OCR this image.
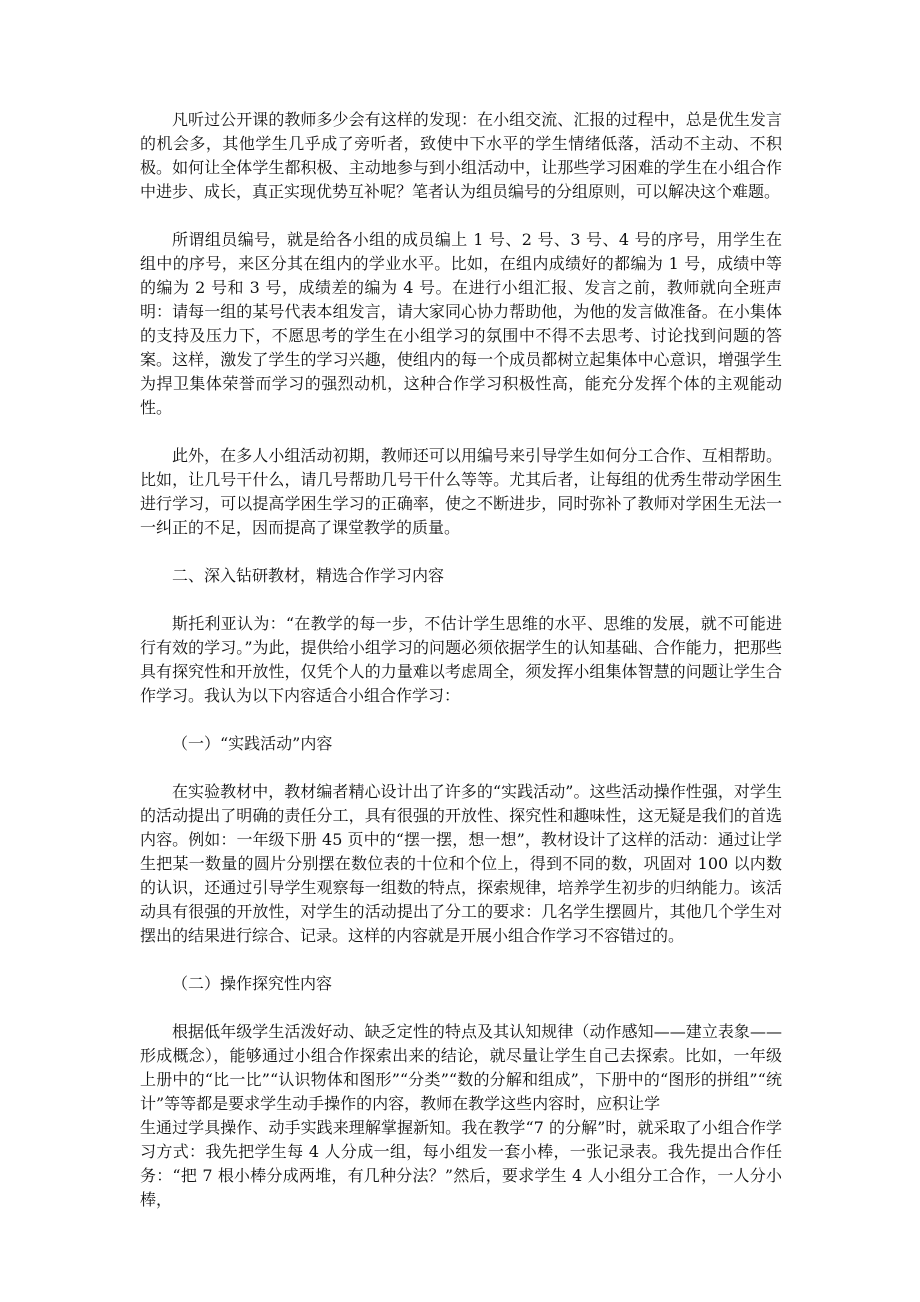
凡听过公开课的教师多少会有这样的发现：在小组交流、汇报的过程中，总是优生发言的机会多，其他学生几乎成了旁听者，致使中下水平的学生情绪低落，活动不主动、不积极。如何让全体学生都积极、主动地参与到小组活动中，让那些学习困难的学生在小组合作中进步、成长，真正实现优势互补呢？笔者认为组员编号的分组原则，可以解决这个难题。

所谓组员编号，就是给各小组的成员编上 1 号、2 号、3 号、4 号的序号，用学生在组中的序号，来区分其在组内的学业水平。比如，在组内成绩好的都编为 1 号，成绩中等的编为 2 号和 3 号，成绩差的编为 4 号。在进行小组汇报、发言之前，教师就向全班声明：请每一组的某号代表本组发言，请大家同心协力帮助他，为他的发言做准备。在小集体的支持及压力下，不愿思考的学生在小组学习的氛围中不得不去思考、讨论找到问题的答案。这样，激发了学生的学习兴趣，使组内的每一个成员都树立起集体中心意识，增强学生为捍卫集体荣誉而学习的强烈动机，这种合作学习积极性高，能充分发挥个体的主观能动性。

此外，在多人小组活动初期，教师还可以用编号来引导学生如何分工合作、互相帮助。比如，让几号干什么，请几号帮助几号干什么等等。尤其后者，让每组的优秀生带动学困生进行学习，可以提高学困生学习的正确率，使之不断进步，同时弥补了教师对学困生无法一一纠正的不足，因而提高了课堂教学的质量。

二、深入钻研教材，精选合作学习内容

斯托利亚认为：“在教学的每一步，不估计学生思维的水平、思维的发展，就不可能进行有效的学习。”为此，提供给小组学习的问题必须依据学生的认知基础、合作能力，把那些具有探究性和开放性，仅凭个人的力量难以考虑周全，须发挥小组集体智慧的问题让学生合作学习。我认为以下内容适合小组合作学习：

（一）“实践活动”内容

在实验教材中，教材编者精心设计出了许多的“实践活动”。这些活动操作性强，对学生的活动提出了明确的责任分工，具有很强的开放性、探究性和趣味性，这无疑是我们的首选内容。例如：一年级下册 45 页中的“摆一摆，想一想”，教材设计了这样的活动：通过让学生把某一数量的圆片分别摆在数位表的十位和个位上，得到不同的数，巩固对 100 以内数的认识，还通过引导学生观察每一组数的特点，探索规律，培养学生初步的归纳能力。该活动具有很强的开放性，对学生的活动提出了分工的要求：几名学生摆圆片，其他几个学生对摆出的结果进行综合、记录。这样的内容就是开展小组合作学习不容错过的。

（二）操作探究性内容

根据低年级学生活泼好动、缺乏定性的特点及其认知规律（动作感知——建立表象——形成概念），能够通过小组合作探索出来的结论，就尽量让学生自己去探索。比如，一年级上册中的“比一比”“认识物体和图形”“分类”“数的分解和组成”，下册中的“图形的拼组”“统计”等等都是要求学生动手操作的内容，教师在教学这些内容时，应积让学

生通过学具操作、动手实践来理解掌握新知。我在教学“7 的分解”时，就采取了小组合作学习方式：我先把学生每 4 人分成一组，每小组发一套小棒，一张记录表。我先提出合作任务：“把 7 根小棒分成两堆，有几种分法？”然后，要求学生 4 人小组分工合作，一人分小棒，
